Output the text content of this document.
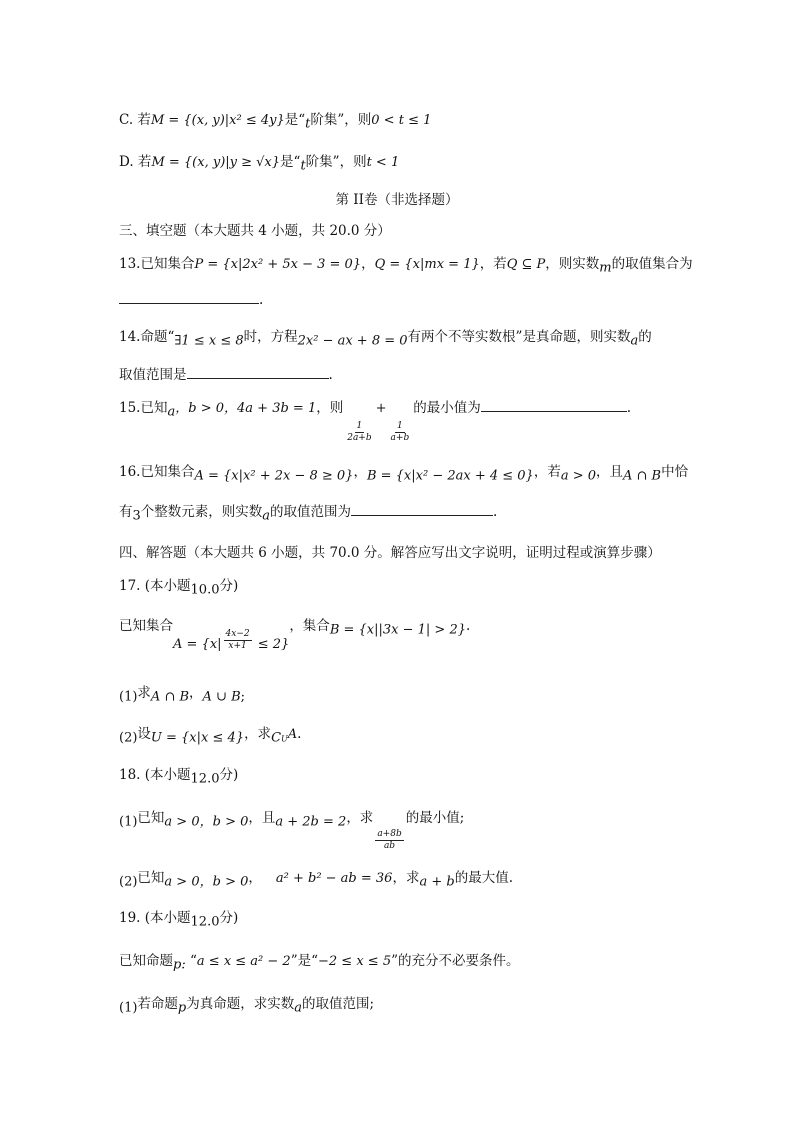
C. 若M = {(x, y)|x² ≤ 4y}是“$_t$阶集”，则0 < t ≤ 1
D. 若M = {(x, y)|y ≥ √x}是“$_t$阶集”，则t < 1
第 II卷（非选择题）
三、填空题（本大题共 4 小题，共 20.0 分）
13.已知集合P = {x|2x² + 5x − 3 = 0}，Q = {x|mx = 1}，若Q ⊆ P，则实数$_m$的取值集合为
.
14.命题“$_{\exists 1 \le x \le 8}$时，方程$_{2x^2 - ax + 8 = 0}$有两个不等实数根”是真命题，则实数$_a$的
取值范围是	.
15.已知$_a$，b > 0，4a + 3b = 1，则
$\frac{1}{2a+b}$
+
$\frac{1}{a+b}$
的最小值为	.
16.已知集合$_{A = \{x|x^2 + 2x - 8 \ge 0\}}$，$_{B = \{x|x^2 - 2ax + 4 \le 0\}}$，若$_{a > 0}$，且$_{A \cap B}$中恰
有$_3$个整数元素，则实数$_a$的取值范围为	.
四、解答题（本大题共 6 小题，共 70.0 分。解答应写出文字说明，证明过程或演算步骤）
17. (本小题$_{10.0}$分)
已知集合$A = \{x| \frac{4x-2}{x+1} \le 2\}$，集合$_{B = \{x||3x - 1| > 2\}}$.
$_{(1)}$求$_{A \cap B}$，$_{A \cup B;}$
$_{(2)}$设$_{U = \{x|x \le 4\}}$，求$_{CU}$A.
18. (本小题$_{12.0}$分)
$_{(1)}$已知$_{a > 0,b > 0}$，且$_{a + 2b = 2}$，求
$\frac{a+8b}{ab}$
的最小值;
$_{(2)}$已知$_{a > 0,b > 0}$， a² + b² − ab = 36，求$_{a + b}$的最大值.
19. (本小题$_{12.0}$分)
已知命题$_{p:}$ “a ≤ x ≤ a² − 2”是“−2 ≤ x ≤ 5”的充分不必要条件。
$_{(1)}$若命题$_p$为真命题，求实数$_a$的取值范围;
